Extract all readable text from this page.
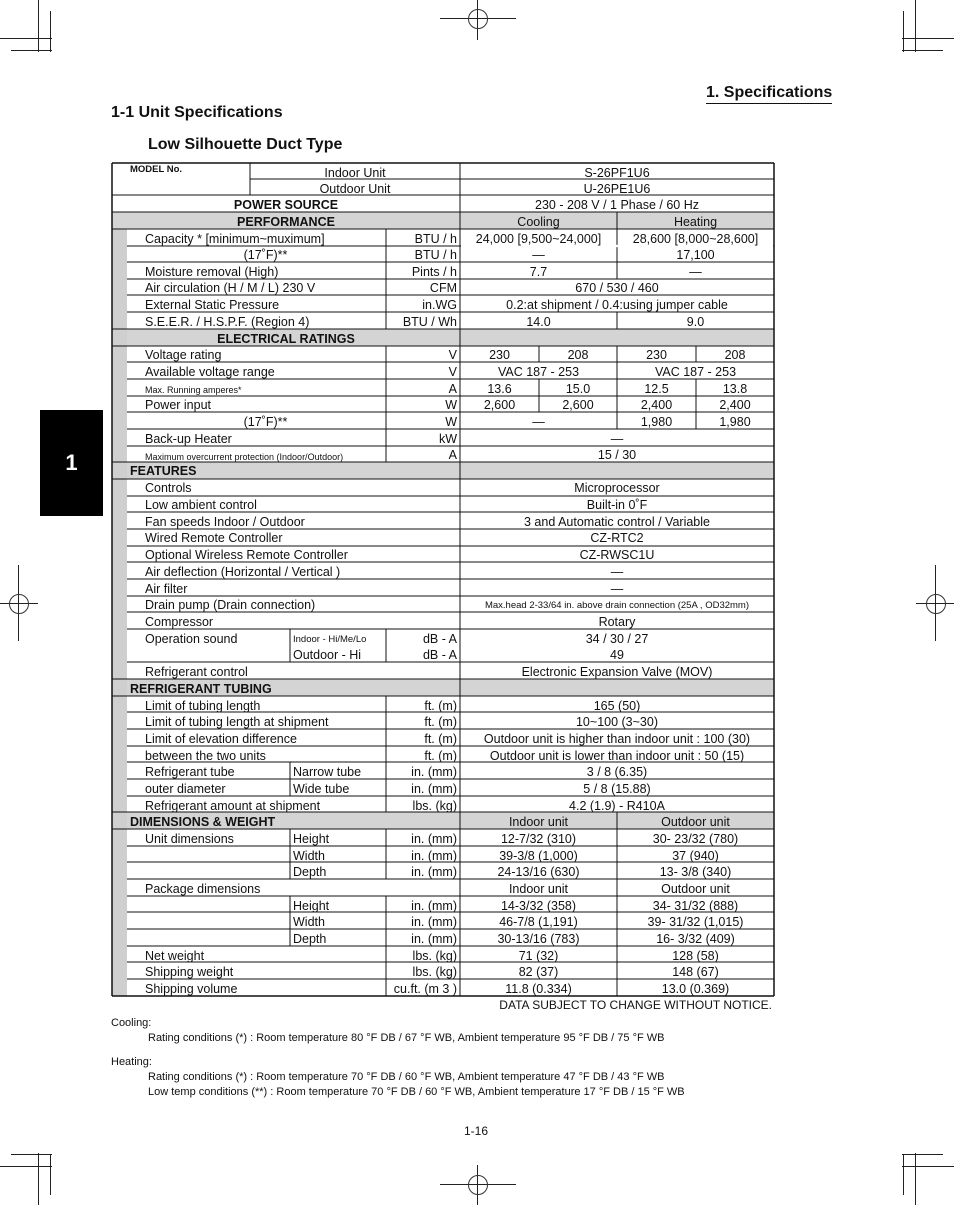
1. Specifications
1-1 Unit Specifications
Low Silhouette Duct Type
1
MODEL No.	Indoor Unit	S-26PF1U6
Outdoor Unit	U-26PE1U6
POWER SOURCE	230 - 208 V / 1 Phase / 60 Hz
PERFORMANCE	Cooling	Heating
Capacity * [minimum~muximum]	BTU / h	24,000 [9,500~24,000]	28,600 [8,000~28,600]
(17˚F)**	BTU / h	—	17,100
Moisture removal (High)	Pints / h	7.7	—
Air circulation (H / M / L) 230 V	CFM	670 / 530 / 460
External Static Pressure	in.WG	0.2:at shipment / 0.4:using jumper cable
S.E.E.R. / H.S.P.F. (Region 4)	BTU / Wh	14.0	9.0
ELECTRICAL RATINGS
Voltage rating	V	230	208	230	208
Available voltage range	V	VAC 187 - 253	VAC 187 - 253
Max. Running amperes*	A	13.6	15.0	12.5	13.8
Power input	W	2,600	2,600	2,400	2,400
(17˚F)**	W	—	1,980	1,980
Back-up Heater	kW	—
Maximum overcurrent protection (Indoor/Outdoor)	A	15 / 30
FEATURES
Controls	Microprocessor
Low ambient control	Built-in 0˚F
Fan speeds Indoor / Outdoor	3 and Automatic control / Variable
Wired Remote Controller	CZ-RTC2
Optional Wireless Remote Controller	CZ-RWSC1U
Air deflection (Horizontal / Vertical )	—
Air filter	—
Drain pump (Drain connection)	Max.head 2-33/64 in. above drain connection (25A , OD32mm)
Compressor	Rotary
Operation sound	Indoor - Hi/Me/Lo	dB - A	34 / 30 / 27
Outdoor - Hi	dB - A	49
Refrigerant control	Electronic Expansion Valve (MOV)
REFRIGERANT TUBING
Limit of tubing length	ft. (m)	165 (50)
Limit of tubing length at shipment	ft. (m)	10~100 (3~30)
Limit of elevation difference	ft. (m)	Outdoor unit is higher than indoor unit : 100 (30)
between the two units	ft. (m)	Outdoor unit is lower than indoor unit : 50 (15)
Refrigerant tube	Narrow tube	in. (mm)	3 / 8 (6.35)
outer diameter	Wide tube	in. (mm)	5 / 8 (15.88)
Refrigerant amount at shipment	lbs. (kg)	4.2 (1.9) - R410A
DIMENSIONS & WEIGHT	Indoor unit	Outdoor unit
Unit dimensions	Height	in. (mm)	12-7/32 (310)	30- 23/32 (780)
Width	in. (mm)	39-3/8 (1,000)	37 (940)
Depth	in. (mm)	24-13/16 (630)	13- 3/8 (340)
Package dimensions	Indoor unit	Outdoor unit
Height	in. (mm)	14-3/32 (358)	34- 31/32 (888)
Width	in. (mm)	46-7/8 (1,191)	39- 31/32 (1,015)
Depth	in. (mm)	30-13/16 (783)	16- 3/32 (409)
Net weight	lbs. (kg)	71 (32)	128 (58)
Shipping weight	lbs. (kg)	82 (37)	148 (67)
Shipping volume	cu.ft. (m 3 )	11.8 (0.334)	13.0 (0.369)
DATA SUBJECT TO CHANGE WITHOUT NOTICE.
Cooling:
Rating conditions (*) : Room temperature 80 °F DB / 67 °F WB, Ambient temperature 95 °F DB / 75 °F WB
Heating:
Rating conditions (*) : Room temperature 70 °F DB / 60 °F WB, Ambient temperature 47 °F DB / 43 °F WB
Low temp conditions (**) : Room temperature 70 °F DB / 60 °F WB, Ambient temperature 17 °F DB / 15 °F WB
1-16
